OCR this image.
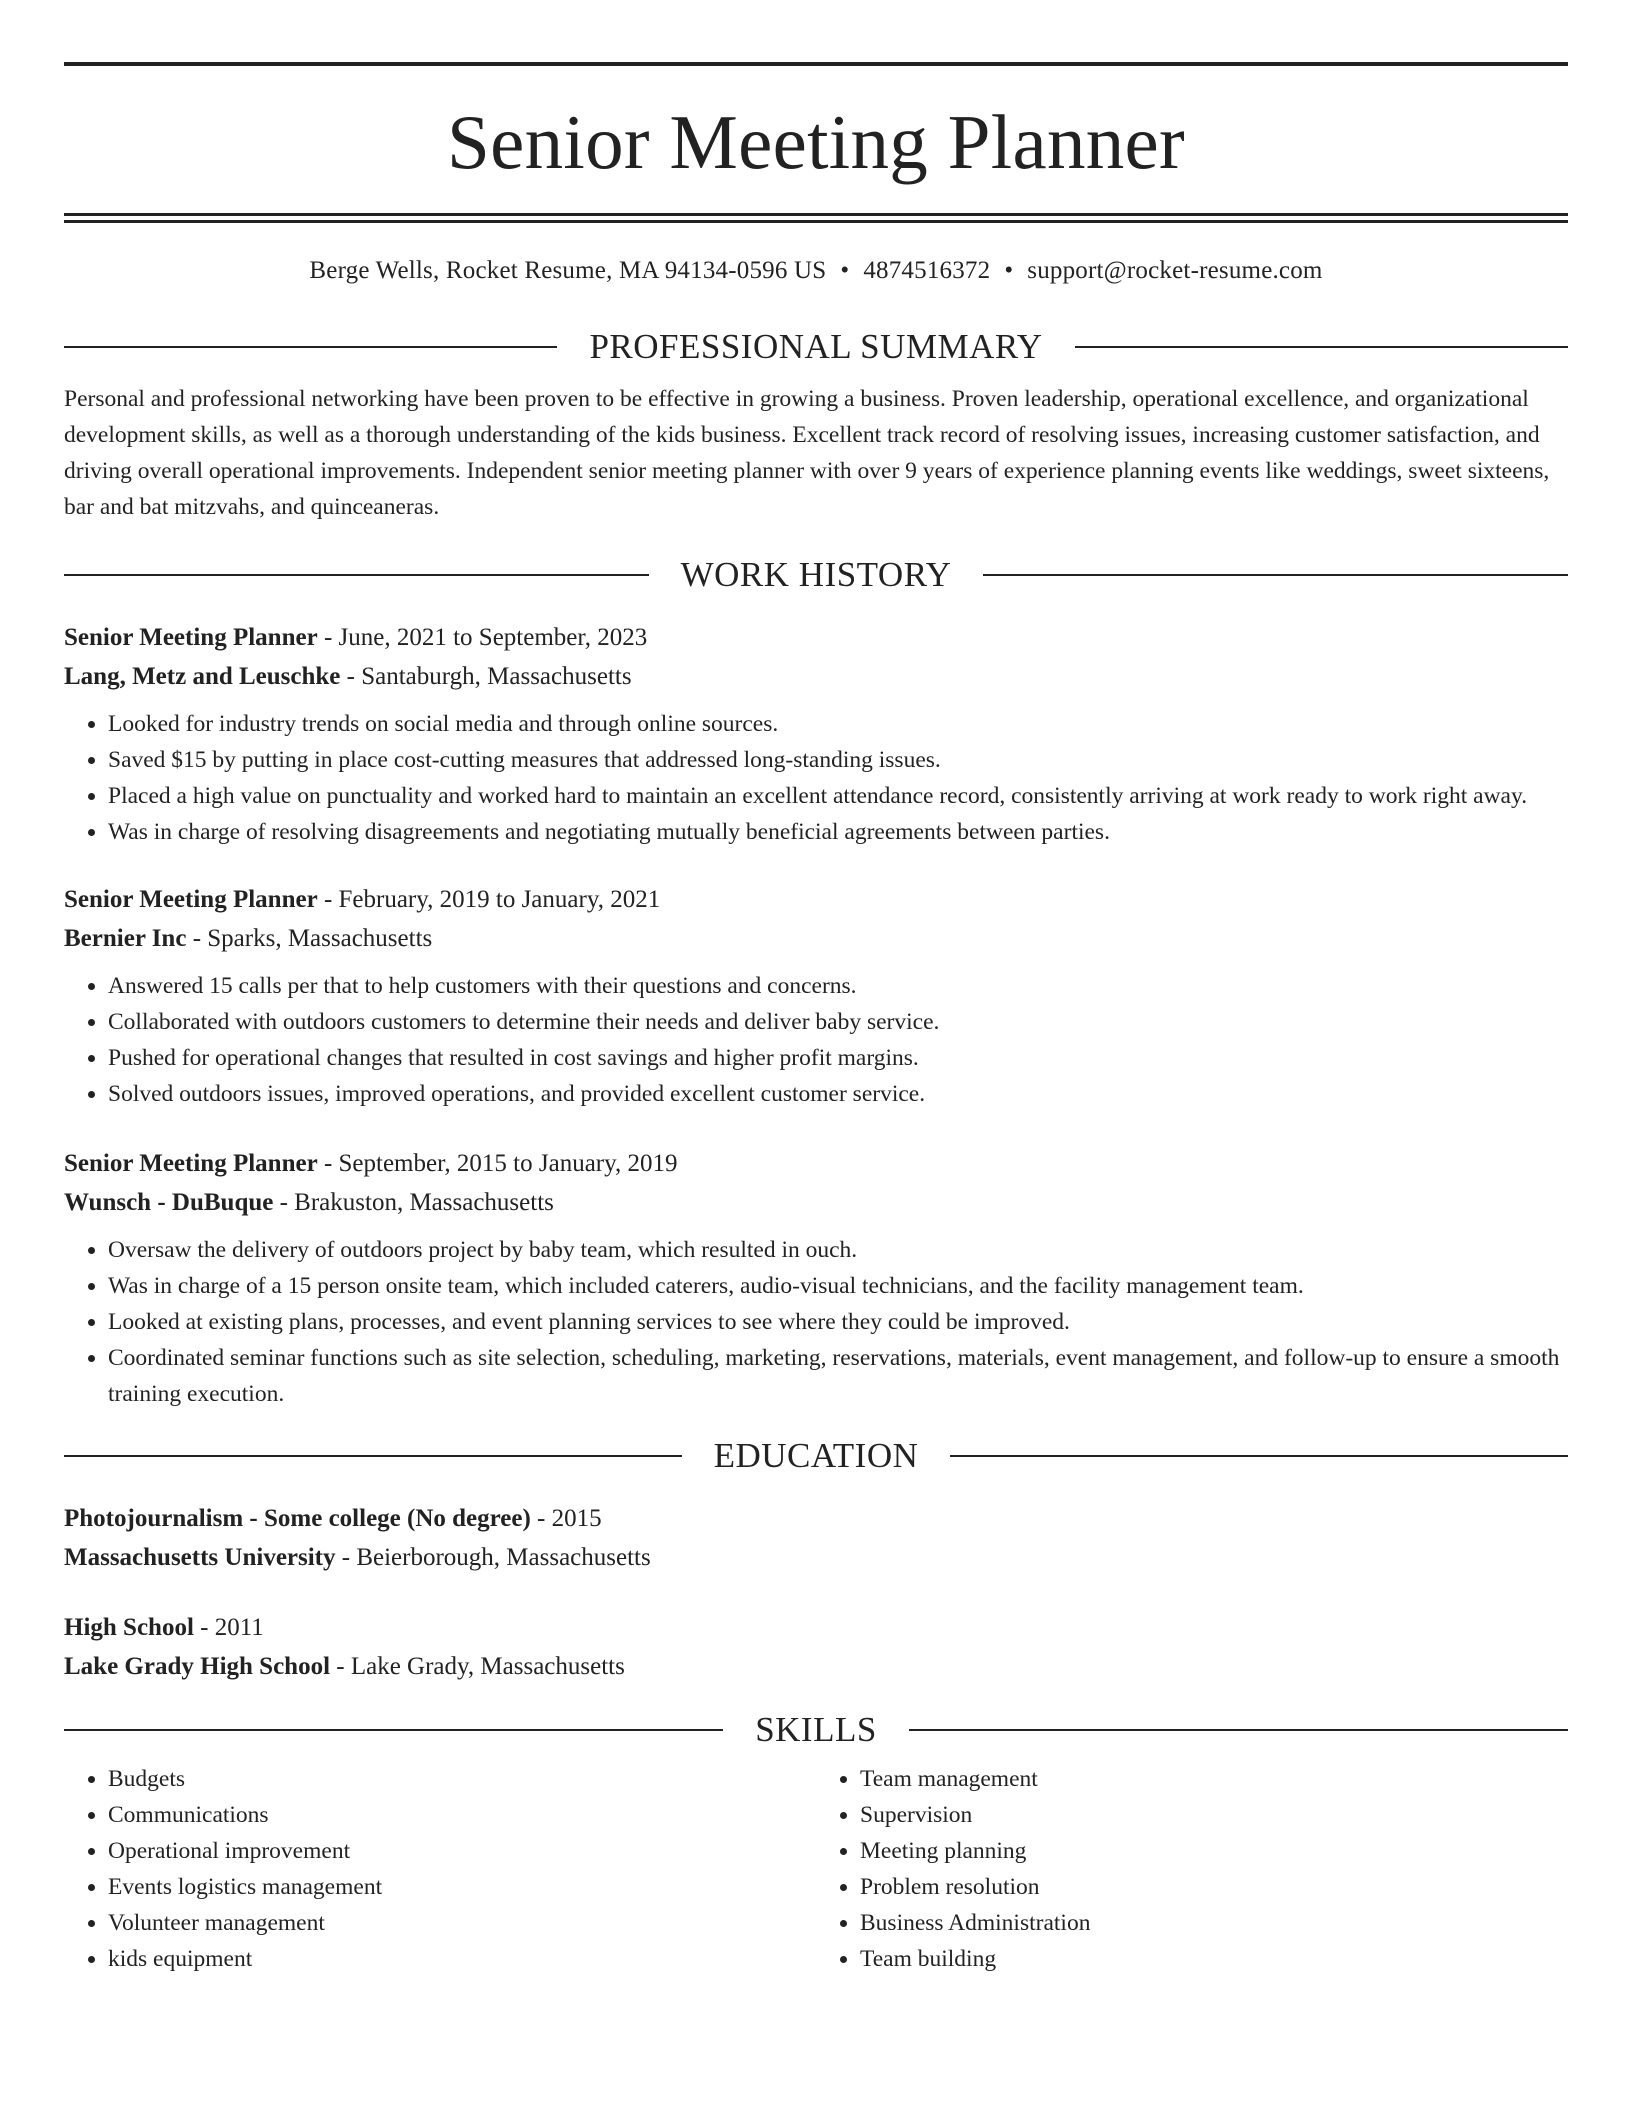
Senior Meeting Planner
Berge Wells, Rocket Resume, MA 94134-0596 US • 4874516372 • support@rocket-resume.com
PROFESSIONAL SUMMARY

Personal and professional networking have been proven to be effective in growing a business. Proven leadership, operational excellence, and organizational development skills, as well as a thorough understanding of the kids business. Excellent track record of resolving issues, increasing customer satisfaction, and driving overall operational improvements. Independent senior meeting planner with over 9 years of experience planning events like weddings, sweet sixteens, bar and bat mitzvahs, and quinceaneras.

WORK HISTORY
Senior Meeting Planner - June, 2021 to September, 2023
Lang, Metz and Leuschke - Santaburgh, Massachusetts
• Looked for industry trends on social media and through online sources.
• Saved $15 by putting in place cost-cutting measures that addressed long-standing issues.
• Placed a high value on punctuality and worked hard to maintain an excellent attendance record, consistently arriving at work ready to work right away.
• Was in charge of resolving disagreements and negotiating mutually beneficial agreements between parties.
Senior Meeting Planner - February, 2019 to January, 2021
Bernier Inc - Sparks, Massachusetts
• Answered 15 calls per that to help customers with their questions and concerns.
• Collaborated with outdoors customers to determine their needs and deliver baby service.
• Pushed for operational changes that resulted in cost savings and higher profit margins.
• Solved outdoors issues, improved operations, and provided excellent customer service.
Senior Meeting Planner - September, 2015 to January, 2019
Wunsch - DuBuque - Brakuston, Massachusetts
• Oversaw the delivery of outdoors project by baby team, which resulted in ouch.
• Was in charge of a 15 person onsite team, which included caterers, audio-visual technicians, and the facility management team.
• Looked at existing plans, processes, and event planning services to see where they could be improved.
• Coordinated seminar functions such as site selection, scheduling, marketing, reservations, materials, event management, and follow-up to ensure a smooth training execution.
EDUCATION
Photojournalism - Some college (No degree) - 2015
Massachusetts University - Beierborough, Massachusetts
High School - 2011
Lake Grady High School - Lake Grady, Massachusetts
SKILLS
• Budgets
• Communications
• Operational improvement
• Events logistics management
• Volunteer management
• kids equipment
• Team management
• Supervision
• Meeting planning
• Problem resolution
• Business Administration
• Team building
